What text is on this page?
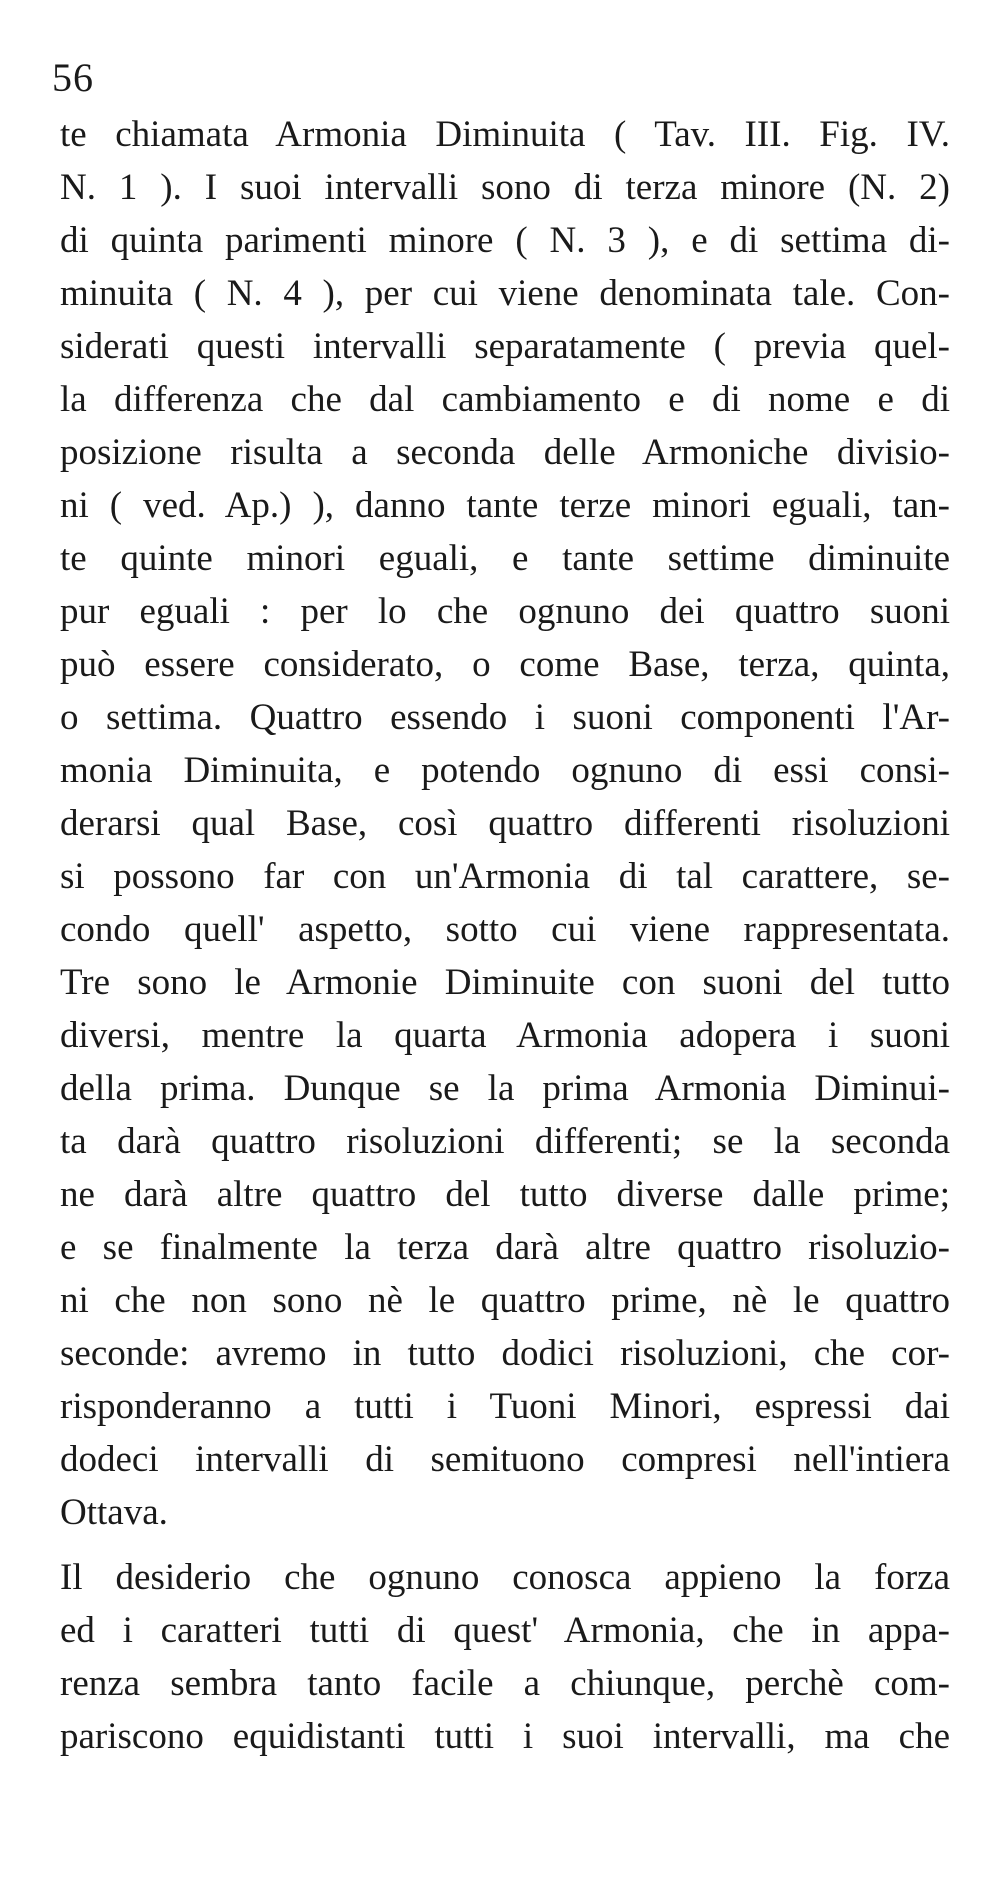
56
te chiamata Armonia Diminuita ( Tav. III. Fig. IV.
N. 1 ). I suoi intervalli sono di terza minore (N. 2)
di quinta parimenti minore ( N. 3 ), e di settima di-
minuita ( N. 4 ), per cui viene denominata tale. Con-
siderati questi intervalli separatamente ( previa quel-
la differenza che dal cambiamento e di nome e di
posizione risulta a seconda delle Armoniche divisio-
ni ( ved. Ap.) ), danno tante terze minori eguali, tan-
te quinte minori eguali, e tante settime diminuite
pur eguali : per lo che ognuno dei quattro suoni
può essere considerato, o come Base, terza, quinta,
o settima. Quattro essendo i suoni componenti l'Ar-
monia Diminuita, e potendo ognuno di essi consi-
derarsi qual Base, così quattro differenti risoluzioni
si possono far con un'Armonia di tal carattere, se-
condo quell' aspetto, sotto cui viene rappresentata.
Tre sono le Armonie Diminuite con suoni del tutto
diversi, mentre la quarta Armonia adopera i suoni
della prima. Dunque se la prima Armonia Diminui-
ta darà quattro risoluzioni differenti; se la seconda
ne darà altre quattro del tutto diverse dalle prime;
e se finalmente la terza darà altre quattro risoluzio-
ni che non sono nè le quattro prime, nè le quattro
seconde: avremo in tutto dodici risoluzioni, che cor-
risponderanno a tutti i Tuoni Minori, espressi dai
dodeci intervalli di semituono compresi nell'intiera
Ottava.
Il desiderio che ognuno conosca appieno la forza
ed i caratteri tutti di quest' Armonia, che in appa-
renza sembra tanto facile a chiunque, perchè com-
pariscono equidistanti tutti i suoi intervalli, ma che
